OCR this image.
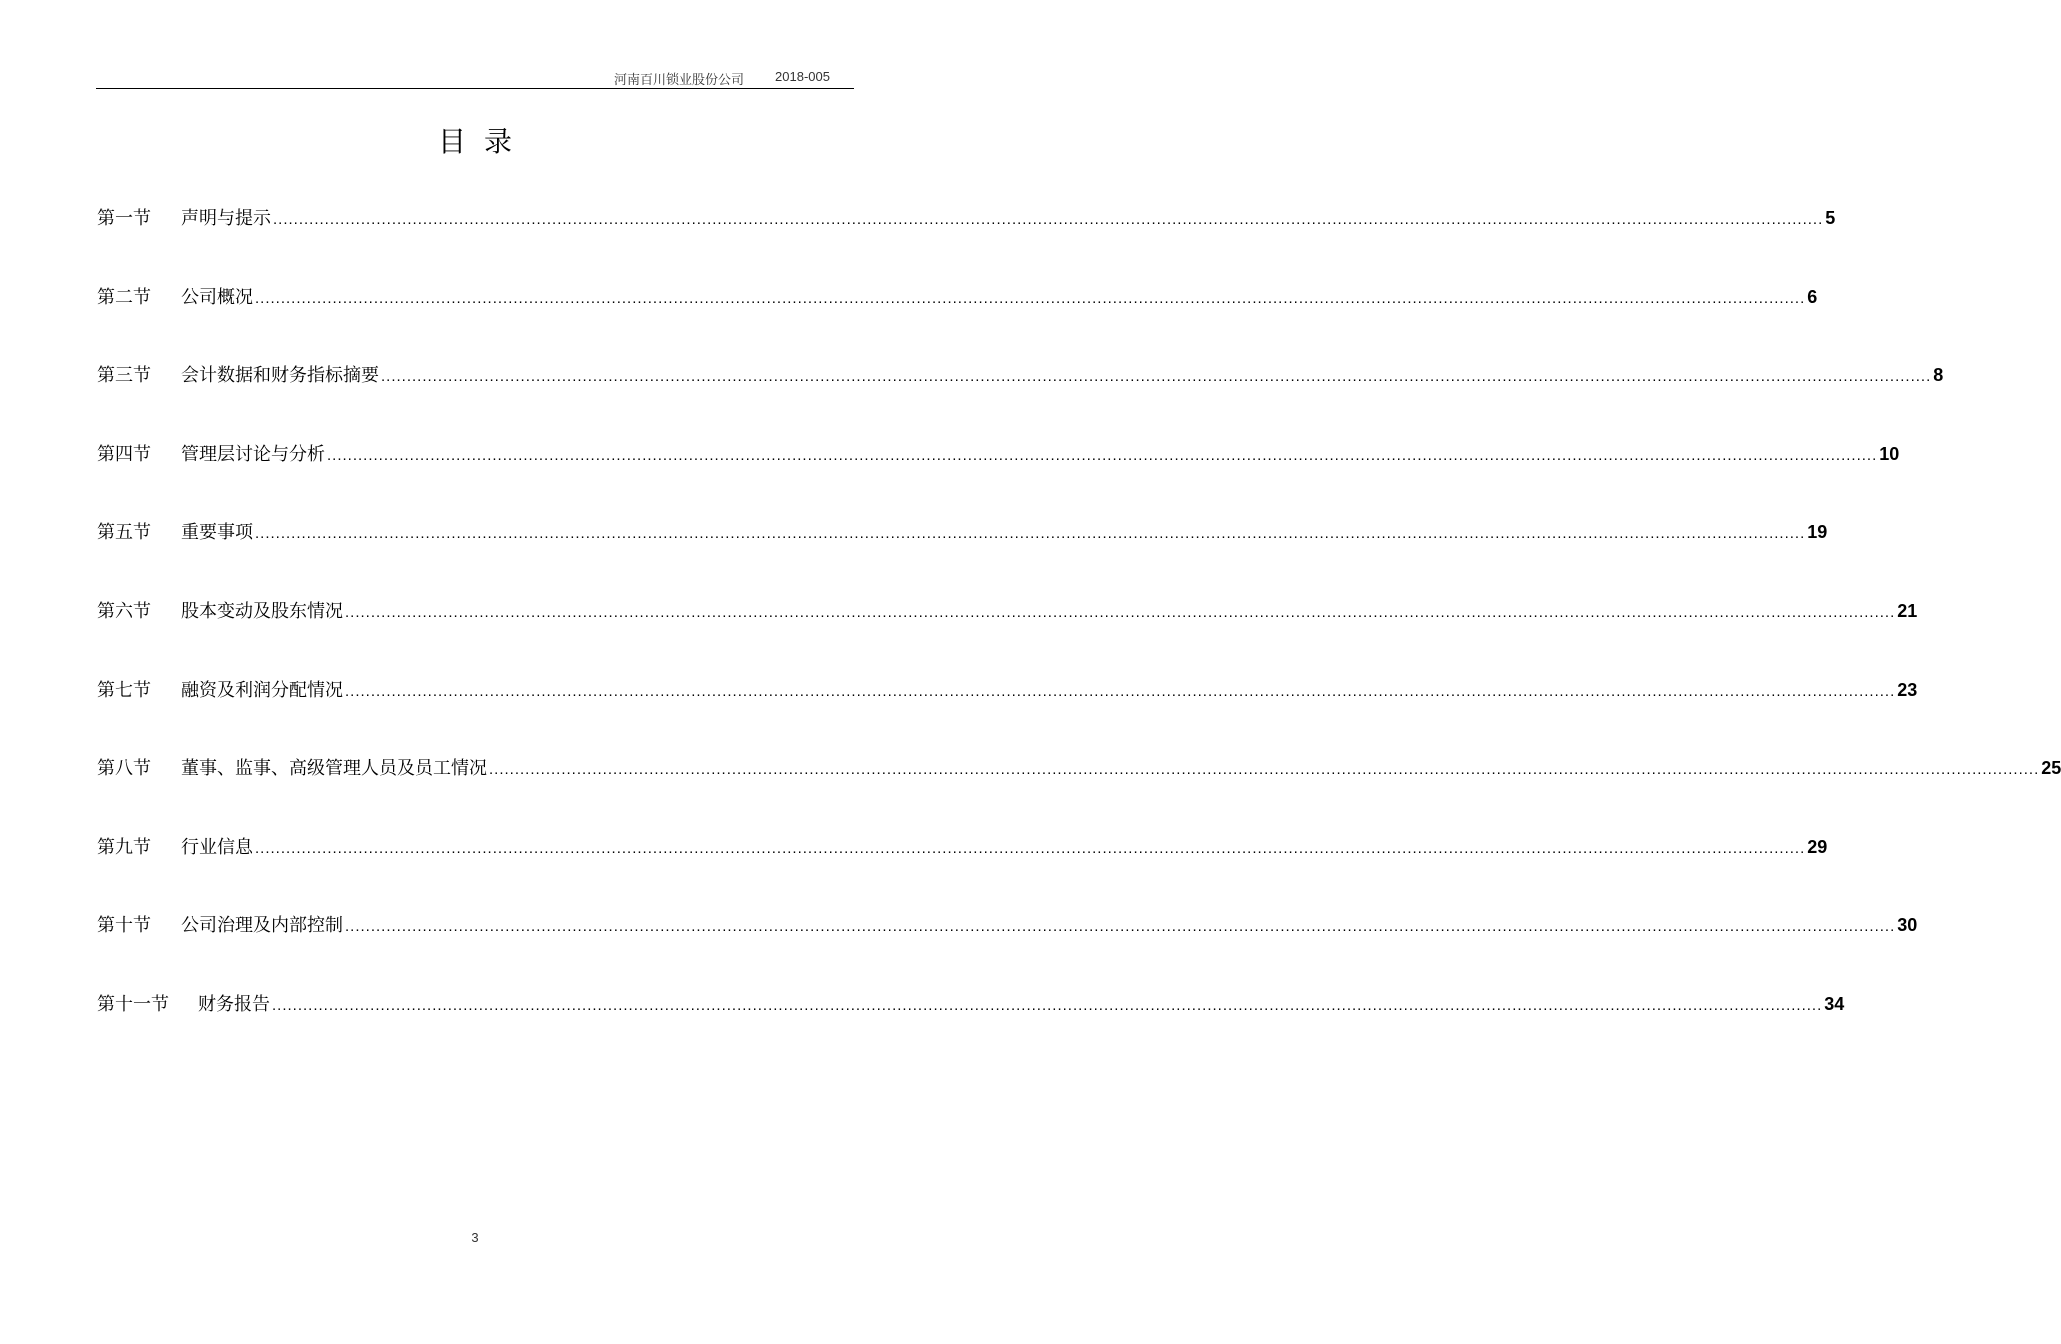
河南百川锁业股份公司 2018-005
目录
第一节	声明与提示 ............................................................................................................................................................................................................................................................................................................ 5
第二节	公司概况 ............................................................................................................................................................................................................................................................................................................ 6
第三节	会计数据和财务指标摘要 ............................................................................................................................................................................................................................................................................................................ 8
第四节	管理层讨论与分析 ............................................................................................................................................................................................................................................................................................................ 10
第五节	重要事项 ............................................................................................................................................................................................................................................................................................................ 19
第六节	股本变动及股东情况 ............................................................................................................................................................................................................................................................................................................ 21
第七节	融资及利润分配情况 ............................................................................................................................................................................................................................................................................................................ 23
第八节	董事、监事、高级管理人员及员工情况 ............................................................................................................................................................................................................................................................................................................ 25
第九节	行业信息 ............................................................................................................................................................................................................................................................................................................ 29
第十节	公司治理及内部控制 ............................................................................................................................................................................................................................................................................................................ 30
第十一节	财务报告 ............................................................................................................................................................................................................................................................................................................ 34
3
